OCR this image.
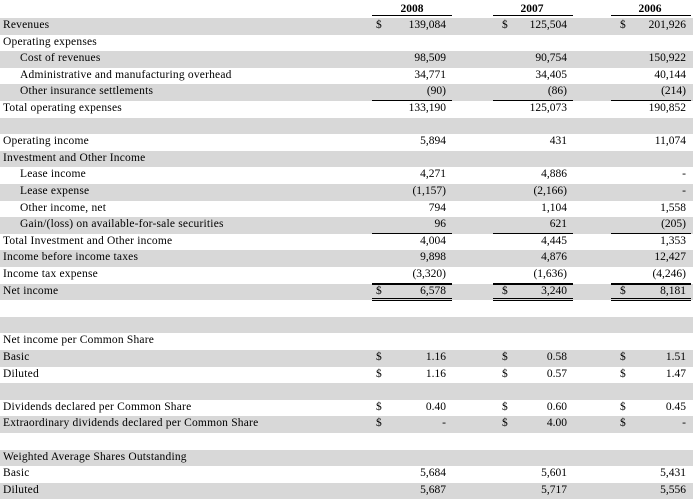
2008	2007	2006
Revenues	$	139,084	$	125,504	$	201,926
Operating expenses
Cost of revenues	98,509	90,754	150,922
Administrative and manufacturing overhead	34,771	34,405	40,144
Other insurance settlements	(90)	(86)	(214)
Total operating expenses	133,190	125,073	190,852
Operating income	5,894	431	11,074
Investment and Other Income
Lease income	4,271	4,886	-
Lease expense	(1,157)	(2,166)	-
Other income, net	794	1,104	1,558
Gain/(loss) on available-for-sale securities	96	621	(205)
Total Investment and Other income	4,004	4,445	1,353
Income before income taxes	9,898	4,876	12,427
Income tax expense	(3,320)	(1,636)	(4,246)
Net income	$	6,578	$	3,240	$	8,181
Net income per Common Share
Basic	$	1.16	$	0.58	$	1.51
Diluted	$	1.16	$	0.57	$	1.47
Dividends declared per Common Share	$	0.40	$	0.60	$	0.45
Extraordinary dividends declared per Common Share	$	-	$	4.00	$	-
Weighted Average Shares Outstanding
Basic	5,684	5,601	5,431
Diluted	5,687	5,717	5,556
